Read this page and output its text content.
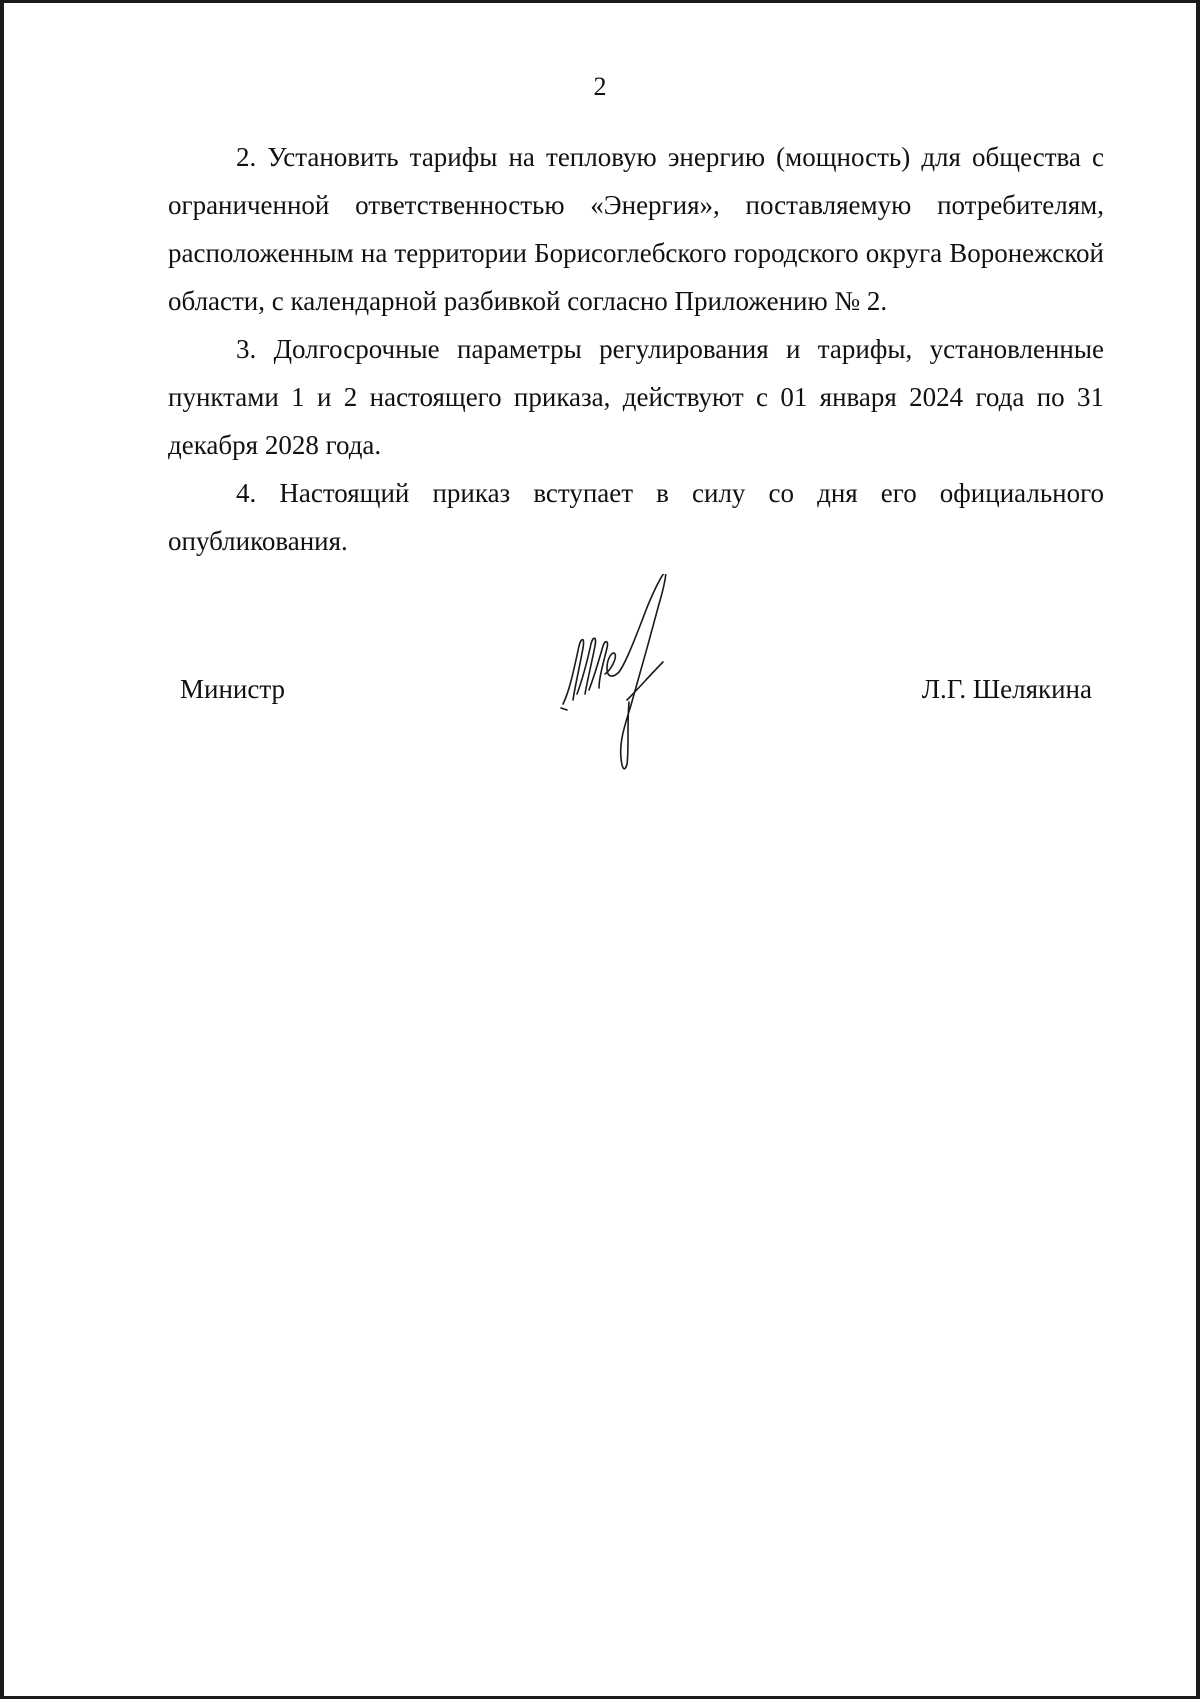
2

2. Установить тарифы на тепловую энергию (мощность) для общества с ограниченной ответственностью «Энергия», поставляемую потребителям, расположенным на территории Борисоглебского городского округа Воронежской области, с календарной разбивкой согласно Приложению № 2.

3. Долгосрочные параметры регулирования и тарифы, установленные пунктами 1 и 2 настоящего приказа, действуют с 01 января 2024 года по 31 декабря 2028 года.

4. Настоящий приказ вступает в силу со дня его официального опубликования.

Министр	Л.Г. Шелякина
